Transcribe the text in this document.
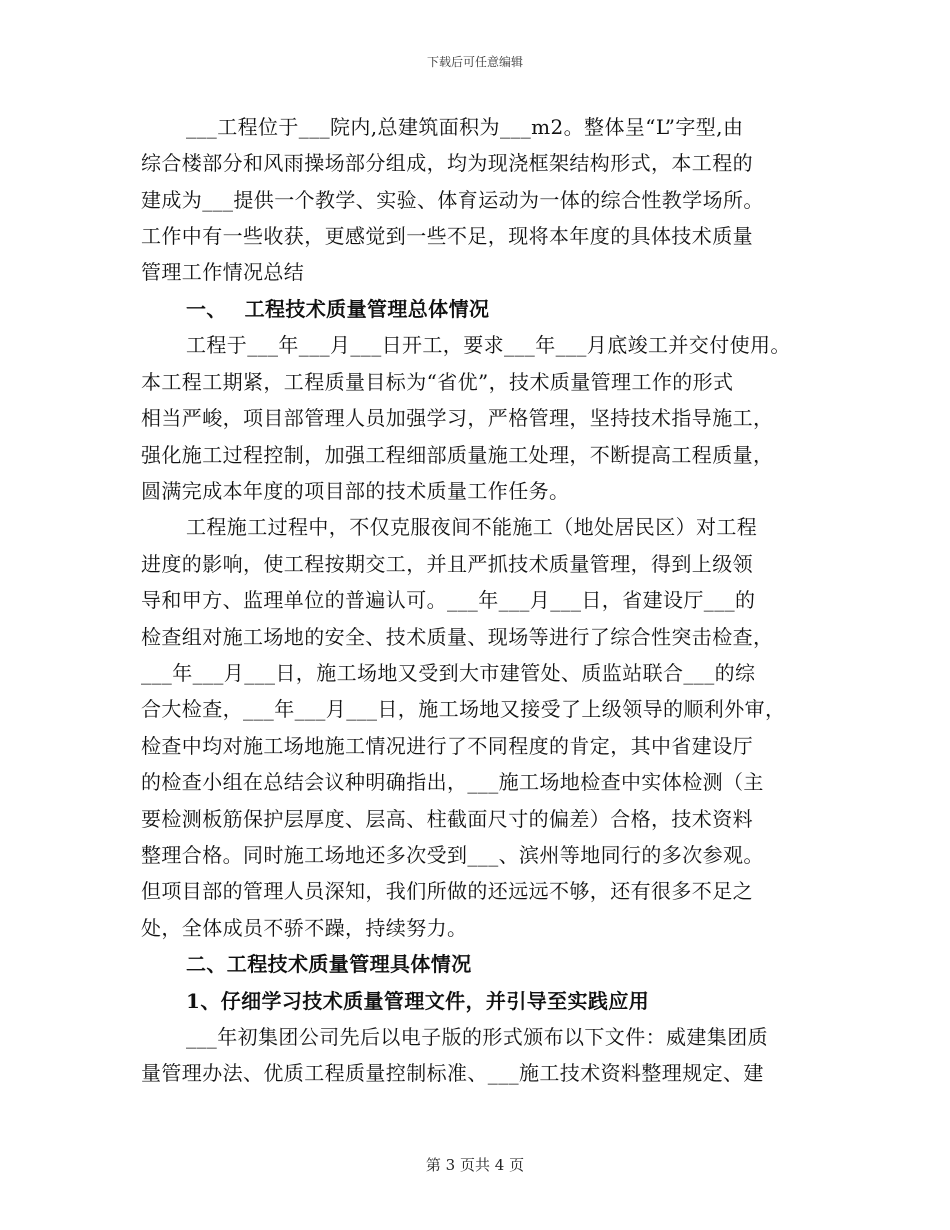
下载后可任意编辑
___工程位于___院内,总建筑面积为___m2。整体呈“L”字型,由
综合楼部分和风雨操场部分组成，均为现浇框架结构形式，本工程的
建成为___提供一个教学、实验、体育运动为一体的综合性教学场所。
工作中有一些收获，更感觉到一些不足，现将本年度的具体技术质量
管理工作情况总结
一、　 工程技术质量管理总体情况
工程于___年___月___日开工，要求___年___月底竣工并交付使用。
本工程工期紧，工程质量目标为“省优”，技术质量管理工作的形式
相当严峻，项目部管理人员加强学习，严格管理，坚持技术指导施工，
强化施工过程控制，加强工程细部质量施工处理，不断提高工程质量，
圆满完成本年度的项目部的技术质量工作任务。
工程施工过程中，不仅克服夜间不能施工（地处居民区）对工程
进度的影响，使工程按期交工，并且严抓技术质量管理，得到上级领
导和甲方、监理单位的普遍认可。___年___月___日，省建设厅___的
检查组对施工场地的安全、技术质量、现场等进行了综合性突击检查，
___年___月___日，施工场地又受到大市建管处、质监站联合___的综
合大检查，___年___月___日，施工场地又接受了上级领导的顺利外审，
检查中均对施工场地施工情况进行了不同程度的肯定，其中省建设厅
的检查小组在总结会议种明确指出，___施工场地检查中实体检测（主
要检测板筋保护层厚度、层高、柱截面尺寸的偏差）合格，技术资料
整理合格。同时施工场地还多次受到___、滨州等地同行的多次参观。
但项目部的管理人员深知，我们所做的还远远不够，还有很多不足之
处，全体成员不骄不躁，持续努力。
二、工程技术质量管理具体情况
1、仔细学习技术质量管理文件，并引导至实践应用
___年初集团公司先后以电子版的形式颁布以下文件：威建集团质
量管理办法、优质工程质量控制标准、___施工技术资料整理规定、建
第 3 页共 4 页
